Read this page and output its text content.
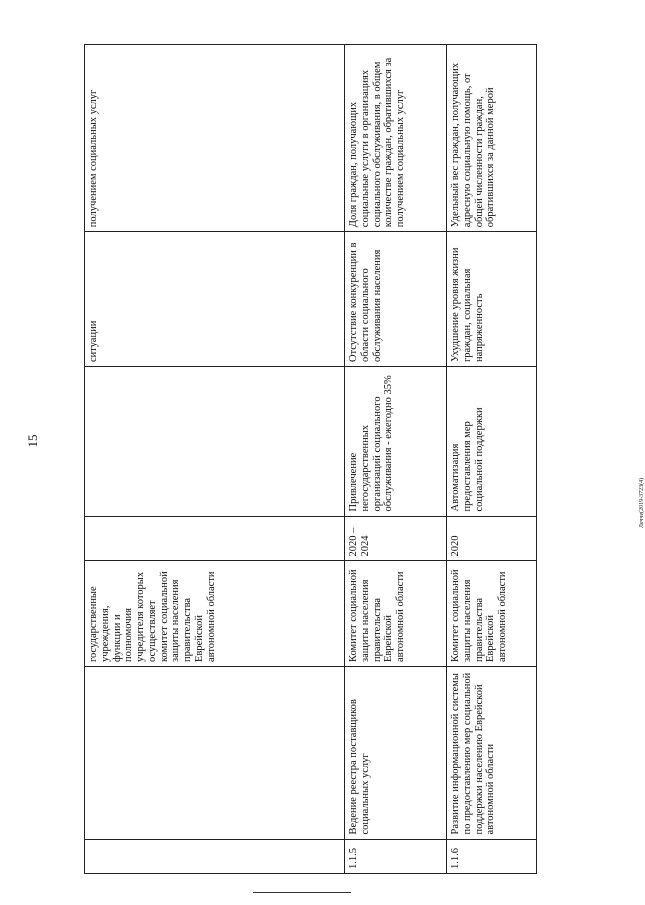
15
		государственные учреждения, функции и полномочия учредителя которых осуществляет комитет социальной защиты населения правительства Еврейской автономной области			ситуации	получением социальных услуг
1.1.5	Ведение реестра поставщиков социальных услуг	Комитет социальной защиты населения правительства Еврейской автономной области	2020 – 2024	Привлечение негосударственных организаций социального обслуживания - ежегодно 35%	Отсутствие конкуренции в области социального обслуживания населения	Доля граждан, получающих социальные услуги в организациях социального обслуживания, в общем количестве граждан, обратившихся за получением социальных услуг
1.1.6	Развитие информационной системы по предоставлению мер социальной поддержки населению Еврейской автономной области	Комитет социальной защиты населения правительства Еврейской автономной области	2020	Автоматизация предоставления мер социальной поддержки	Ухудшение уровня жизни граждан, социальная напряженность	Удельный вес граждан, получающих адресную социальную помощь, от общей численности граждан, обратившихся за данной мерой
Лечче(2019-3723(4)
